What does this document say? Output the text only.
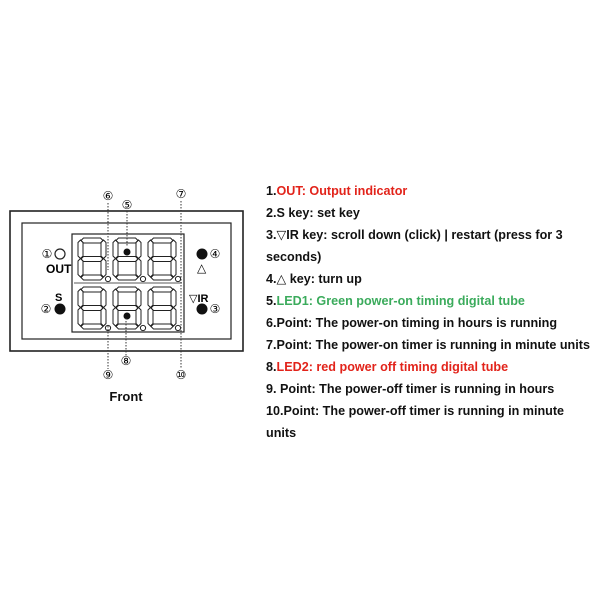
OUT
S
△
▽IR
①
②	③
④
⑤
⑥	⑦
⑧
⑨	⑩
Front
1.OUT: Output indicator
2.S key: set key
3.▽IR key: scroll down (click) | restart (press for 3 seconds)
4.△ key: turn up
5.LED1: Green power-on timing digital tube
6.Point: The power-on timing in hours is running
7.Point: The power-on timer is running in minute units
8.LED2: red power off timing digital tube
9. Point: The power-off timer is running in hours
10.Point: The power-off timer is running in minute units
